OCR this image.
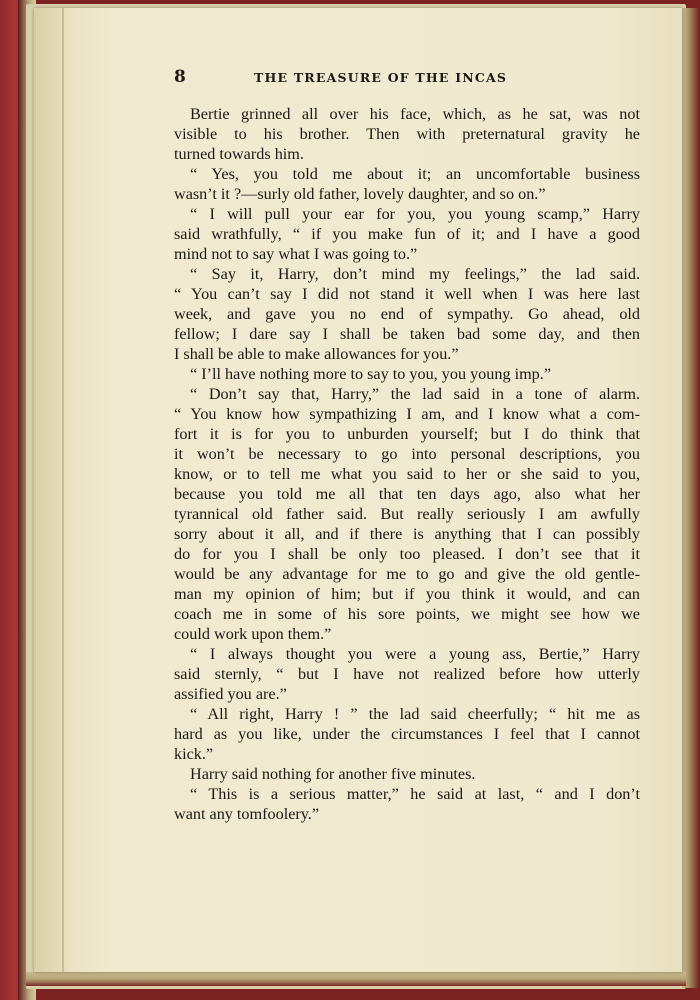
8	THE TREASURE OF THE INCAS
Bertie grinned all over his face, which, as he sat, was not
visible to his brother. Then with preternatural gravity he
turned towards him.
“ Yes, you told me about it; an uncomfortable business
wasn’t it ?—surly old father, lovely daughter, and so on.”
“ I will pull your ear for you, you young scamp,” Harry
said wrathfully, “ if you make fun of it; and I have a good
mind not to say what I was going to.”
“ Say it, Harry, don’t mind my feelings,” the lad said.
“ You can’t say I did not stand it well when I was here last
week, and gave you no end of sympathy. Go ahead, old
fellow; I dare say I shall be taken bad some day, and then
I shall be able to make allowances for you.”
“ I’ll have nothing more to say to you, you young imp.”
“ Don’t say that, Harry,” the lad said in a tone of alarm.
“ You know how sympathizing I am, and I know what a com-
fort it is for you to unburden yourself; but I do think that
it won’t be necessary to go into personal descriptions, you
know, or to tell me what you said to her or she said to you,
because you told me all that ten days ago, also what her
tyrannical old father said. But really seriously I am awfully
sorry about it all, and if there is anything that I can possibly
do for you I shall be only too pleased. I don’t see that it
would be any advantage for me to go and give the old gentle-
man my opinion of him; but if you think it would, and can
coach me in some of his sore points, we might see how we
could work upon them.”
“ I always thought you were a young ass, Bertie,” Harry
said sternly, “ but I have not realized before how utterly
assified you are.”
“ All right, Harry ! ” the lad said cheerfully; “ hit me as
hard as you like, under the circumstances I feel that I cannot
kick.”
Harry said nothing for another five minutes.
“ This is a serious matter,” he said at last, “ and I don’t
want any tomfoolery.”
